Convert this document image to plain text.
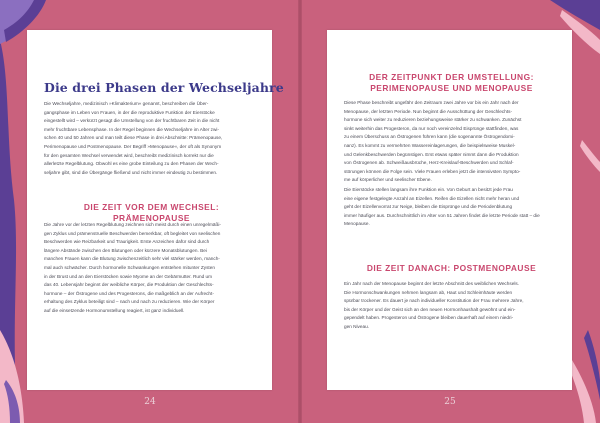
Die drei Phasen der Wechseljahre
Die Wechseljahre, medizinisch »Klimakterium« genannt, beschreiben die Über-
gangsphase im Leben von Frauen, in der die reproduktive Funktion der Eierstöcke
eingestellt wird – verkürzt gesagt die Umstellung von der fruchtbaren Zeit in die nicht
mehr fruchtbare Lebensphase. In der Regel beginnen die Wechseljahre im Alter zwi-
schen 40 und 50 Jahren und man teilt diese Phase in drei Abschnitte: Prämenopause,
Perimenopause und Postmenopause. Der Begriff »Menopause«, der oft als Synonym
für den gesamten Wechsel verwendet wird, beschreibt medizinisch korrekt nur die
allerletzte Regelblutung. Obwohl es eine grobe Einteilung zu den Phasen der Wech-
seljahre gibt, sind die Übergänge fließend und nicht immer eindeutig zu bestimmen.
DIE ZEIT VOR DEM WECHSEL: PRÄMENOPAUSE
Die Jahre vor der letzten Regelblutung zeichnen sich meist durch einen unregelmäßi-
gen Zyklus und prämenstruelle Beschwerden bemerkbar, oft begleitet von seelischen
Beschwerden wie Reizbarkeit und Traurigkeit. Erste Anzeichen dafür sind durch
längere Abstände zwischen den Blutungen oder kürzere Monatsblutungen. Bei
manchen Frauen kann die Blutung zwischenzeitlich sehr viel stärker werden, manch-
mal auch schwächer. Durch hormonelle Schwankungen entstehen mitunter Zysten
in der Brust und an den Eierstöcken sowie Myome an der Gebärmutter. Rund um
das 40. Lebensjahr beginnt der weibliche Körper, die Produktion der Geschlechts-
hormone – der Östrogene und des Progesterons, die maßgeblich an der Aufrecht-
erhaltung des Zyklus beteiligt sind – nach und nach zu reduzieren. Wie der Körper
auf die einsetzende Hormonumstellung reagiert, ist ganz individuell.
24
DER ZEITPUNKT DER UMSTELLUNG:
PERIMENOPAUSE UND MENOPAUSE
Diese Phase beschreibt ungefähr den Zeitraum zwei Jahre vor bis ein Jahr nach der
Menopause, der letzten Periode. Nun beginnt die Ausschüttung der Geschlechts-
hormone sich weiter zu reduzieren beziehungsweise stärker zu schwanken. Zunächst
sinkt weiterhin das Progesteron, da nur noch vereinzelnd Eisprünge stattfinden, was
zu einem Überschuss an Östrogenen führen kann (die sogenannte Östrogendomi-
nanz). Es kommt zu vermehrten Wassereinlagerungen, die beispielsweise Muskel-
und Gelenkbeschwerden begünstigen. Erst etwas später nimmt dann die Produktion
von Östrogenen ab. Schweißausbrüche, Herz-Kreislauf-Beschwerden und Schlaf-
störungen können die Folge sein. Viele Frauen erleben jetzt die intensivsten Sympto-
me auf körperlicher und seelischer Ebene.
Die Eierstöcke stellen langsam ihre Funktion ein. Von Geburt an besitzt jede Frau
eine eigene festgelegte Anzahl an Eizellen. Reifen die Eizellen nicht mehr heran und
geht der Eizellenvorrat zur Neige, bleiben die Eisprünge und die Periodenblutung
immer häufiger aus. Durchschnittlich im Alter von 51 Jahren findet die letzte Periode statt – die
Menopause.
DIE ZEIT DANACH: POSTMENOPAUSE
Ein Jahr nach der Menopause beginnt der letzte Abschnitt des weiblichen Wechsels.
Die Hormonschwankungen nehmen langsam ab, Haut und Schleimhäute werden
spürbar trockener. Es dauert je nach individueller Konstitution der Frau mehrere Jahre,
bis der Körper und der Geist sich an den neuen Hormonhaushalt gewöhnt und ein-
gependelt haben. Progesteron und Östrogene bleiben dauerhaft auf einem niedri-
gen Niveau.
25
